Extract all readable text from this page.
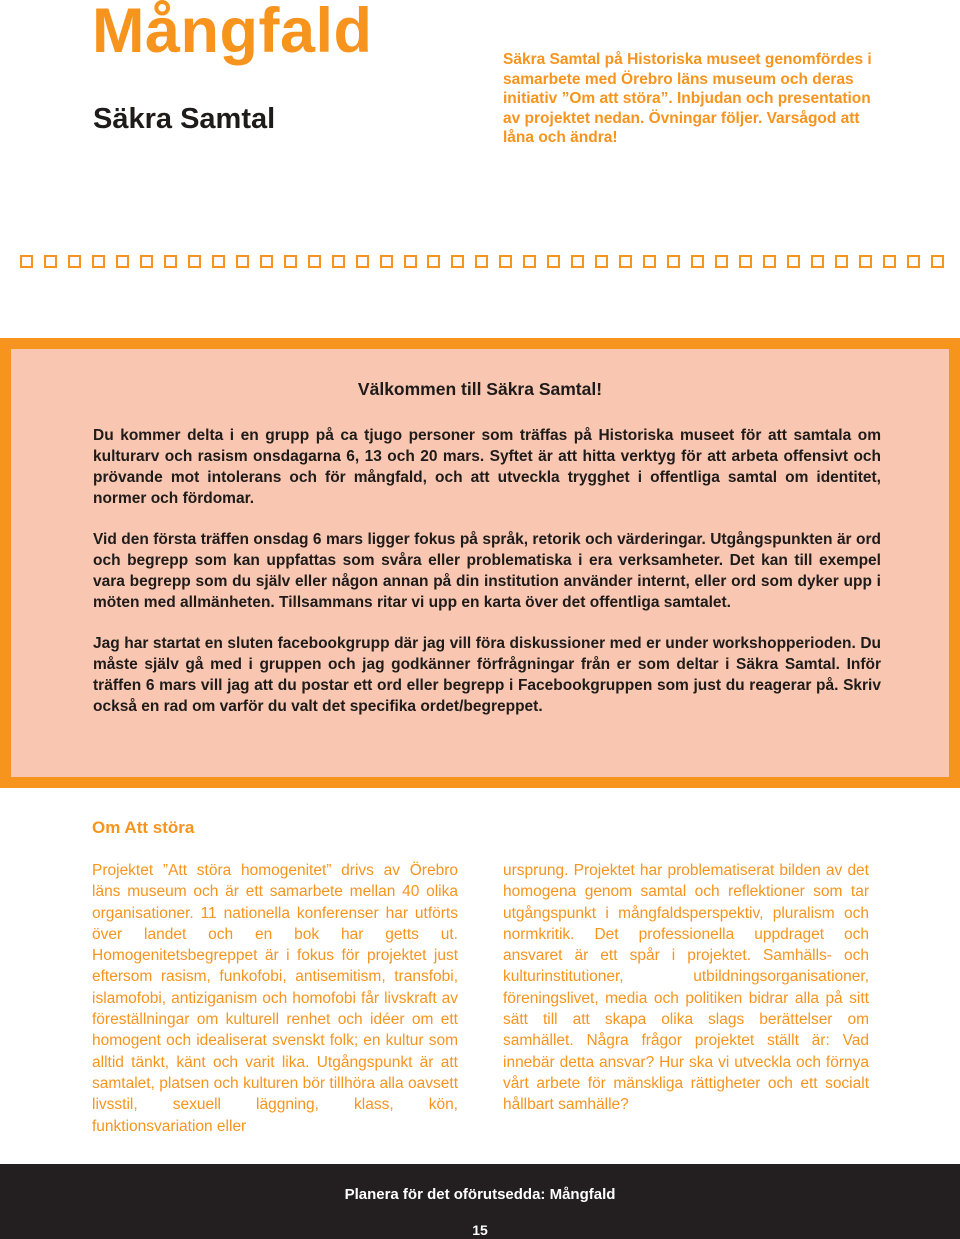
Mångfald
Säkra Samtal

Säkra Samtal på Historiska museet genomfördes i samarbete med Örebro läns museum och deras initiativ ”Om att störa”. Inbjudan och presentation av projektet nedan. Övningar följer. Varsågod att låna och ändra!

Välkommen till Säkra Samtal!

Du kommer delta i en grupp på ca tjugo personer som träffas på Historiska museet för att samtala om kulturarv och rasism onsdagarna 6, 13 och 20 mars. Syftet är att hitta verktyg för att arbeta offensivt och prövande mot intolerans och för mångfald, och att utveckla trygghet i offentliga samtal om identitet, normer och fördomar.

Vid den första träffen onsdag 6 mars ligger fokus på språk, retorik och värderingar. Utgångspunkten är ord och begrepp som kan uppfattas som svåra eller problematiska i era verksamheter. Det kan till exempel vara begrepp som du själv eller någon annan på din institution använder internt, eller ord som dyker upp i möten med allmänheten. Tillsammans ritar vi upp en karta över det offentliga samtalet.

Jag har startat en sluten facebookgrupp där jag vill föra diskussioner med er under workshopperioden. Du måste själv gå med i gruppen och jag godkänner förfrågningar från er som deltar i Säkra Samtal. Inför träffen 6 mars vill jag att du postar ett ord eller begrepp i Facebookgruppen som just du reagerar på. Skriv också en rad om varför du valt det specifika ordet/begreppet.

Om Att störa

Projektet ”Att störa homogenitet” drivs av Örebro läns museum och är ett samarbete mellan 40 olika organisationer. 11 nationella konferenser har utförts över landet och en bok har getts ut. Homogenitetsbegreppet är i fokus för projektet just eftersom rasism, funkofobi, antisemitism, transfobi, islamofobi, antiziganism och homofobi får livskraft av föreställningar om kulturell renhet och idéer om ett homogent och idealiserat svenskt folk; en kultur som alltid tänkt, känt och varit lika. Utgångspunkt är att samtalet, platsen och kulturen bör tillhöra alla oavsett livsstil, sexuell läggning, klass, kön, funktionsvariation eller

ursprung. Projektet har problematiserat bilden av det homogena genom samtal och reflektioner som tar utgångspunkt i mångfaldsperspektiv, pluralism och normkritik. Det professionella uppdraget och ansvaret är ett spår i projektet. Samhälls- och kulturinstitutioner, utbildningsorganisationer, föreningslivet, media och politiken bidrar alla på sitt sätt till att skapa olika slags berättelser om samhället. Några frågor projektet ställt är: Vad innebär detta ansvar? Hur ska vi utveckla och förnya vårt arbete för mänskliga rättigheter och ett socialt hållbart samhälle?

Planera för det oförutsedda: Mångfald
15
